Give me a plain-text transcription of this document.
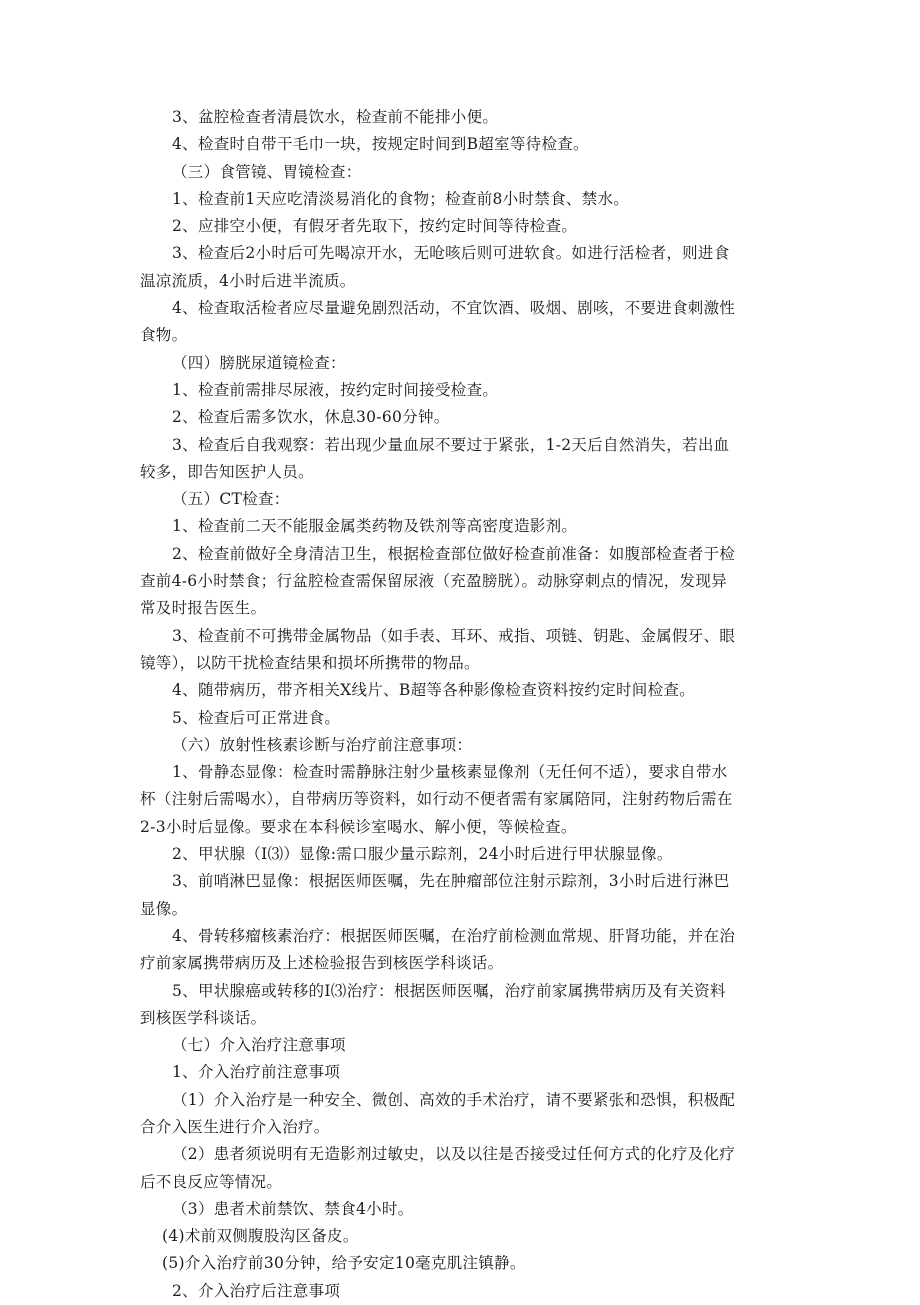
3、盆腔检查者清晨饮水，检查前不能排小便。
4、检查时自带干毛巾一块，按规定时间到B超室等待检查。
（三）食管镜、胃镜检查：
1、检查前1天应吃清淡易消化的食物；检查前8小时禁食、禁水。
2、应排空小便，有假牙者先取下，按约定时间等待检查。
3、检查后2小时后可先喝凉开水，无呛咳后则可进软食。如进行活检者，则进食
温凉流质，4小时后进半流质。
4、检查取活检者应尽量避免剧烈活动，不宜饮酒、吸烟、剧咳，不要进食刺激性
食物。
（四）膀胱尿道镜检查：
1、检查前需排尽尿液，按约定时间接受检查。
2、检查后需多饮水，休息30-60分钟。
3、检查后自我观察：若出现少量血尿不要过于紧张，1-2天后自然消失，若出血
较多，即告知医护人员。
（五）CT检查：
1、检查前二天不能服金属类药物及铁剂等高密度造影剂。
2、检查前做好全身清洁卫生，根据检查部位做好检查前准备：如腹部检查者于检
查前4-6小时禁食；行盆腔检查需保留尿液（充盈膀胱）。动脉穿刺点的情况，发现异
常及时报告医生。
3、检查前不可携带金属物品（如手表、耳环、戒指、项链、钥匙、金属假牙、眼
镜等），以防干扰检查结果和损坏所携带的物品。
4、随带病历，带齐相关X线片、B超等各种影像检查资料按约定时间检查。
5、检查后可正常进食。
（六）放射性核素诊断与治疗前注意事项：
1、骨静态显像：检查时需静脉注射少量核素显像剂（无任何不适），要求自带水
杯（注射后需喝水），自带病历等资料，如行动不便者需有家属陪同，注射药物后需在
2-3小时后显像。要求在本科候诊室喝水、解小便，等候检查。
2、甲状腺（I⑶）显像:需口服少量示踪剂，24小时后进行甲状腺显像。
3、前哨淋巴显像：根据医师医嘱，先在肿瘤部位注射示踪剂，3小时后进行淋巴
显像。
4、骨转移瘤核素治疗：根据医师医嘱，在治疗前检测血常规、肝肾功能，并在治
疗前家属携带病历及上述检验报告到核医学科谈话。
5、甲状腺癌或转移的I⑶治疗：根据医师医嘱，治疗前家属携带病历及有关资料
到核医学科谈话。
（七）介入治疗注意事项
1、介入治疗前注意事项
（1）介入治疗是一种安全、微创、高效的手术治疗，请不要紧张和恐惧，积极配
合介入医生进行介入治疗。
（2）患者须说明有无造影剂过敏史，以及以往是否接受过任何方式的化疗及化疗
后不良反应等情况。
（3）患者术前禁饮、禁食4小时。
(4)术前双侧腹股沟区备皮。
(5)介入治疗前30分钟，给予安定10毫克肌注镇静。
2、介入治疗后注意事项
